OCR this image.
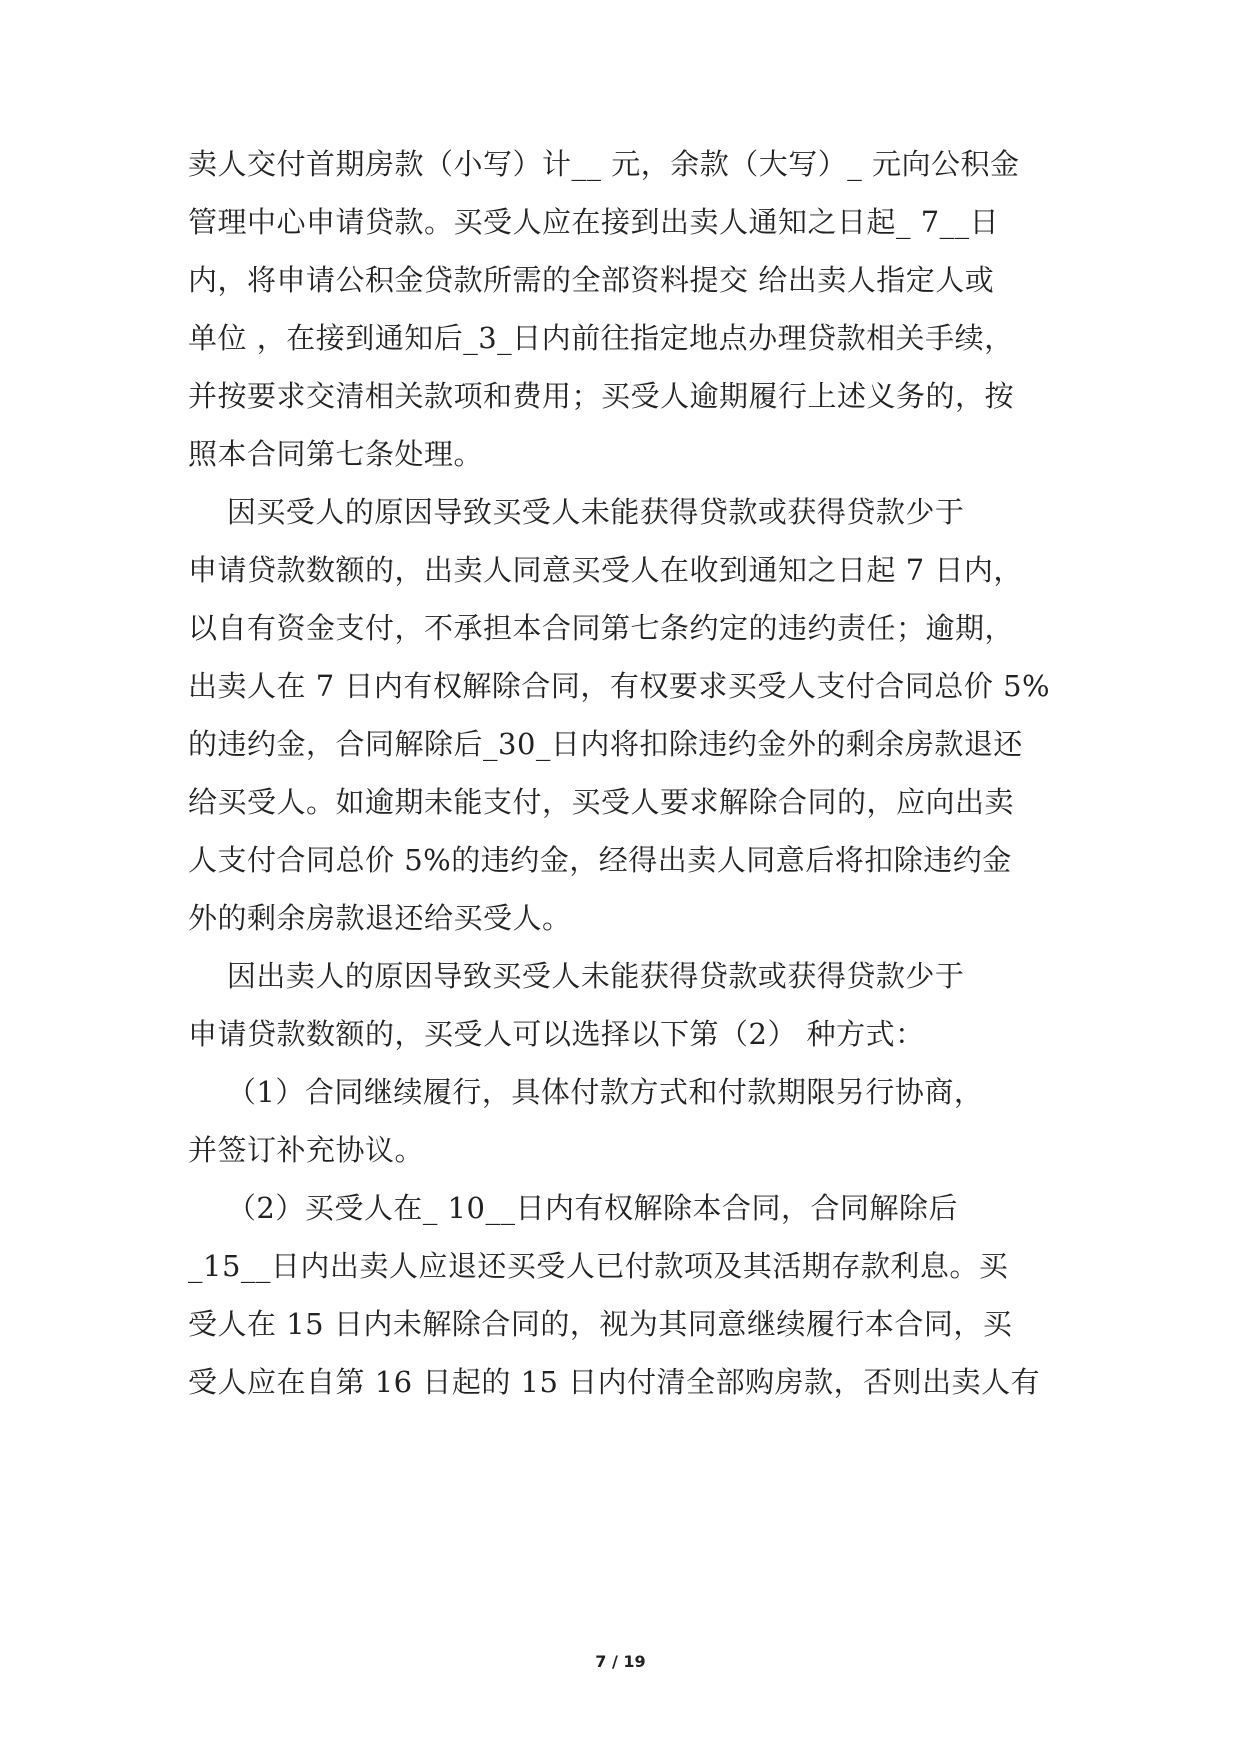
卖人交付首期房款（小写）计__ 元，余款（大写）_ 元向公积金
管理中心申请贷款。买受人应在接到出卖人通知之日起_ 7__日
内，将申请公积金贷款所需的全部资料提交 给出卖人指定人或
单位 ，在接到通知后_3_日内前往指定地点办理贷款相关手续，
并按要求交清相关款项和费用；买受人逾期履行上述义务的，按
照本合同第七条处理。
因买受人的原因导致买受人未能获得贷款或获得贷款少于
申请贷款数额的，出卖人同意买受人在收到通知之日起 7 日内，
以自有资金支付，不承担本合同第七条约定的违约责任；逾期，
出卖人在 7 日内有权解除合同，有权要求买受人支付合同总价 5%
的违约金，合同解除后_30_日内将扣除违约金外的剩余房款退还
给买受人。如逾期未能支付，买受人要求解除合同的，应向出卖
人支付合同总价 5%的违约金，经得出卖人同意后将扣除违约金
外的剩余房款退还给买受人。
因出卖人的原因导致买受人未能获得贷款或获得贷款少于
申请贷款数额的，买受人可以选择以下第（2） 种方式：
（1）合同继续履行，具体付款方式和付款期限另行协商，
并签订补充协议。
（2）买受人在_ 10__日内有权解除本合同，合同解除后
_15__日内出卖人应退还买受人已付款项及其活期存款利息。买
受人在 15 日内未解除合同的，视为其同意继续履行本合同，买
受人应在自第 16 日起的 15 日内付清全部购房款，否则出卖人有
7 / 19
